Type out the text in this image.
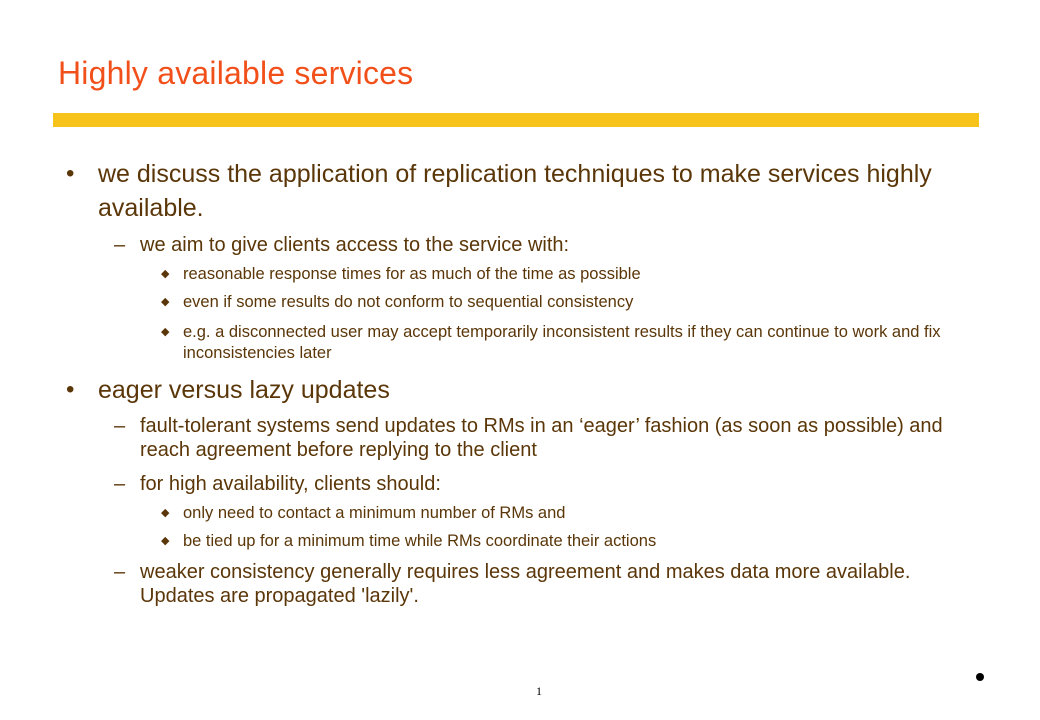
Highly available services
• we discuss the application of replication techniques to make services highly available.
– we aim to give clients access to the service with:
◆ reasonable response times for as much of the time as possible
◆ even if some results do not conform to sequential consistency
◆ e.g. a disconnected user may accept temporarily inconsistent results if they can continue to work and fix inconsistencies later
• eager versus lazy updates
– fault-tolerant systems send updates to RMs in an ‘eager’ fashion (as soon as possible) and reach agreement before replying to the client
– for high availability, clients should:
◆ only need to contact a minimum number of RMs and
◆ be tied up for a minimum time while RMs coordinate their actions
– weaker consistency generally requires less agreement and makes data more available. Updates are propagated 'lazily'.
1
